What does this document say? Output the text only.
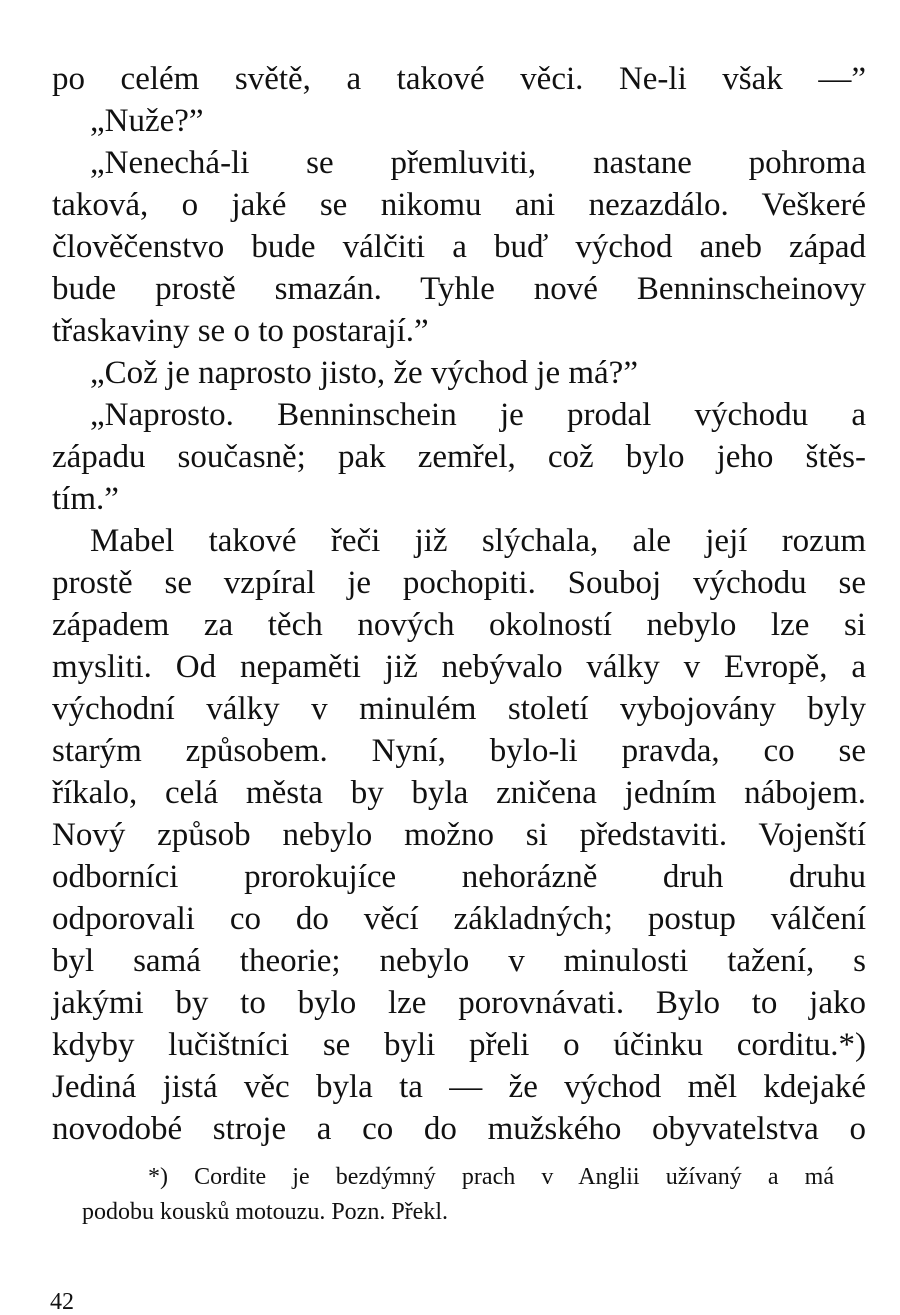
po celém světě, a takové věci. Ne-li však —”
„Nuže?”
„Nenechá-li se přemluviti, nastane pohroma
taková, o jaké se nikomu ani nezazdálo. Veškeré
člověčenstvo bude válčiti a buď východ aneb západ
bude prostě smazán. Tyhle nové Benninscheinovy
třaskaviny se o to postarají.”
„Což je naprosto jisto, že východ je má?”
„Naprosto. Benninschein je prodal východu a
západu současně; pak zemřel, což bylo jeho štěs-
tím.”
Mabel takové řeči již slýchala, ale její rozum
prostě se vzpíral je pochopiti. Souboj východu se
západem za těch nových okolností nebylo lze si
mysliti. Od nepaměti již nebývalo války v Evropě, a
východní války v minulém století vybojovány byly
starým způsobem. Nyní, bylo-li pravda, co se
říkalo, celá města by byla zničena jedním nábojem.
Nový způsob nebylo možno si představiti. Vojenští
odborníci prorokujíce nehorázně druh druhu
odporovali co do věcí základných; postup válčení
byl samá theorie; nebylo v minulosti tažení, s
jakými by to bylo lze porovnávati. Bylo to jako
kdyby lučištníci se byli přeli o účinku corditu.*)
Jediná jistá věc byla ta — že východ měl kdejaké
novodobé stroje a co do mužského obyvatelstva o
*) Cordite je bezdýmný prach v Anglii užívaný a má
podobu kousků motouzu. Pozn. Překl.
42
